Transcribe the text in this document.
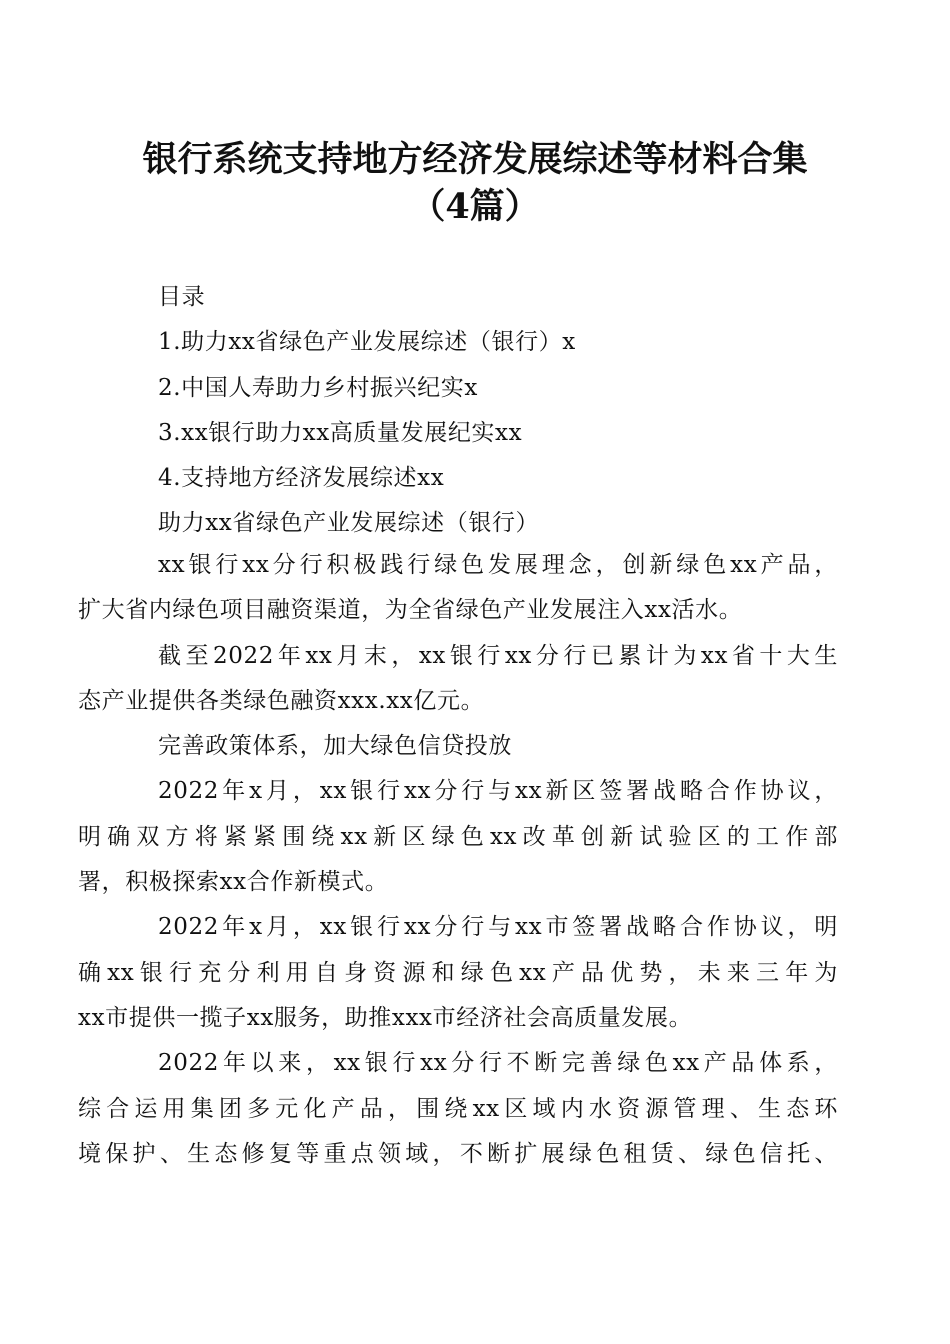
银行系统支持地方经济发展综述等材料合集
（4篇）
目录
1.助力xx省绿色产业发展综述（银行）x
2.中国人寿助力乡村振兴纪实x
3.xx银行助力xx高质量发展纪实xx
4.支持地方经济发展综述xx
助力xx省绿色产业发展综述（银行）
xx银行xx分行积极践行绿色发展理念，创新绿色xx产品，
扩大省内绿色项目融资渠道，为全省绿色产业发展注入xx活水。
截至2022年xx月末，xx银行xx分行已累计为xx省十大生
态产业提供各类绿色融资xxx.xx亿元。
完善政策体系，加大绿色信贷投放
2022年x月，xx银行xx分行与xx新区签署战略合作协议，
明确双方将紧紧围绕xx新区绿色xx改革创新试验区的工作部
署，积极探索xx合作新模式。
2022年x月，xx银行xx分行与xx市签署战略合作协议，明
确xx银行充分利用自身资源和绿色xx产品优势，未来三年为
xx市提供一揽子xx服务，助推xxx市经济社会高质量发展。
2022年以来，xx银行xx分行不断完善绿色xx产品体系，
综合运用集团多元化产品，围绕xx区域内水资源管理、生态环
境保护、生态修复等重点领域，不断扩展绿色租赁、绿色信托、
